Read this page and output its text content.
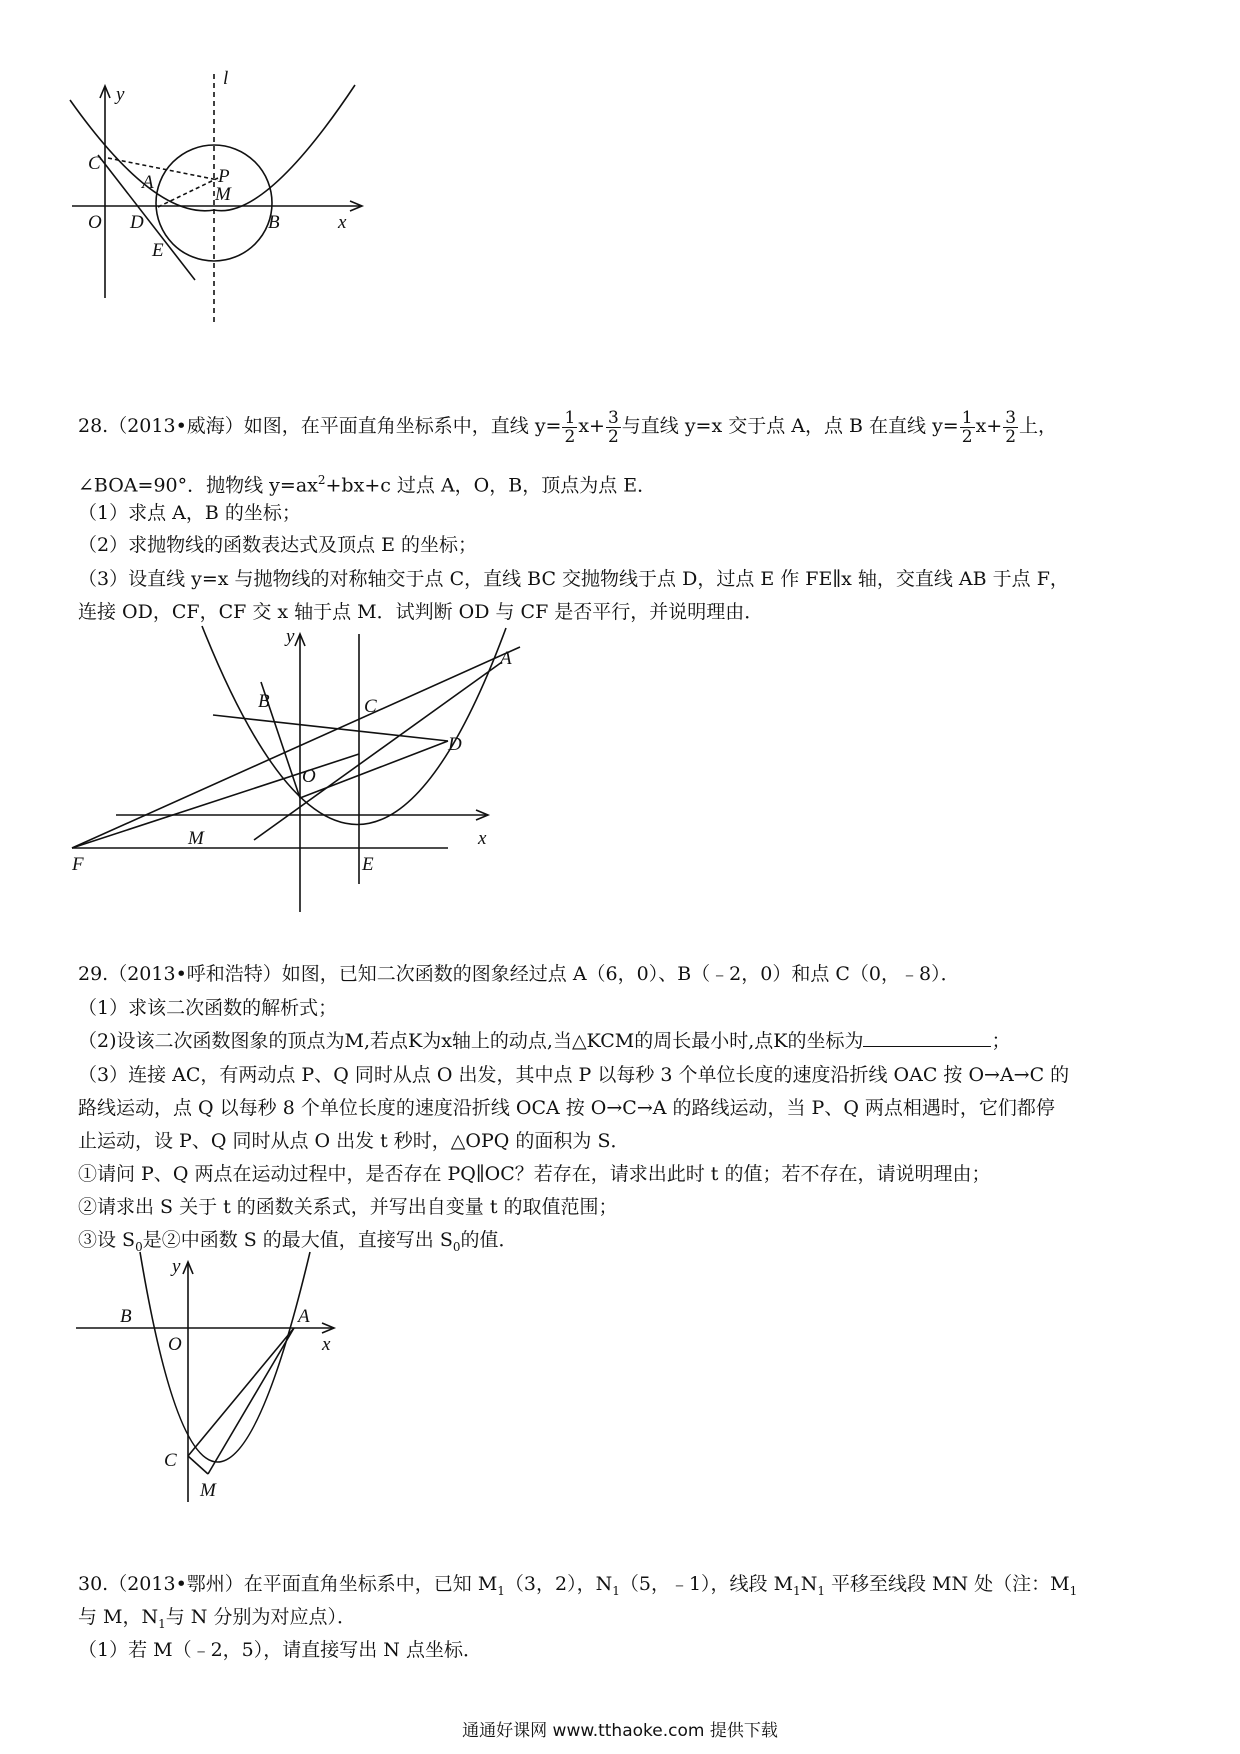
y
l
C
P
A
M
O D	B	x
E
28.（2013•威海）如图，在平面直角坐标系中，直线 $y= \frac{1}{2} x+ \frac{3}{2}$ 与直线 y=x 交于点 A，点 B 在直线 $y= \frac{1}{2} x+ \frac{3}{2}$ 上，
∠BOA=90°．抛物线 $y=ax^2+bx+c$ 过点 A，O，B，顶点为点 E．
（1）求点 A，B 的坐标；
（2）求抛物线的函数表达式及顶点 E 的坐标；
（3）设直线 y=x 与抛物线的对称轴交于点 C，直线 BC 交抛物线于点 D，过点 E 作 FE∥x 轴，交直线 AB 于点 F，
连接 OD，CF，CF 交 x 轴于点 M．试判断 OD 与 CF 是否平行，并说明理由．
y
A
B	C
D
O
x
M
F	E
29.（2013•呼和浩特）如图，已知二次函数的图象经过点 A（6，0）、B（﹣2，0）和点 C（0，﹣8）．
（1）求该二次函数的解析式；
（2)设该二次函数图象的顶点为M,若点K为x轴上的动点,当△KCM的周长最小时,点K的坐标为	；
（3）连接 AC，有两动点 P、Q 同时从点 O 出发，其中点 P 以每秒 3 个单位长度的速度沿折线 OAC 按 O→A→C 的
路线运动，点 Q 以每秒 8 个单位长度的速度沿折线 OCA 按 O→C→A 的路线运动，当 P、Q 两点相遇时，它们都停
止运动，设 P、Q 同时从点 O 出发 t 秒时，△OPQ 的面积为 S．
①请问 P、Q 两点在运动过程中，是否存在 PQ∥OC？若存在，请求出此时 t 的值；若不存在，请说明理由；
②请求出 S 关于 t 的函数关系式，并写出自变量 t 的取值范围；
③设 $S_0$是②中函数 S 的最大值，直接写出 $S_0$的值．
y
B
O
A
x
C
M
30.（2013•鄂州）在平面直角坐标系中，已知 $M_1(3$，2），$N_1(5$，﹣1），线段 $M_1N_1$ 平移至线段 MN 处（注：$M_1$
与 M，$N_1$与 N 分别为对应点）．
（1）若 M（﹣2，5），请直接写出 N 点坐标．
通通好课网 www.tthaoke.com 提供下载
